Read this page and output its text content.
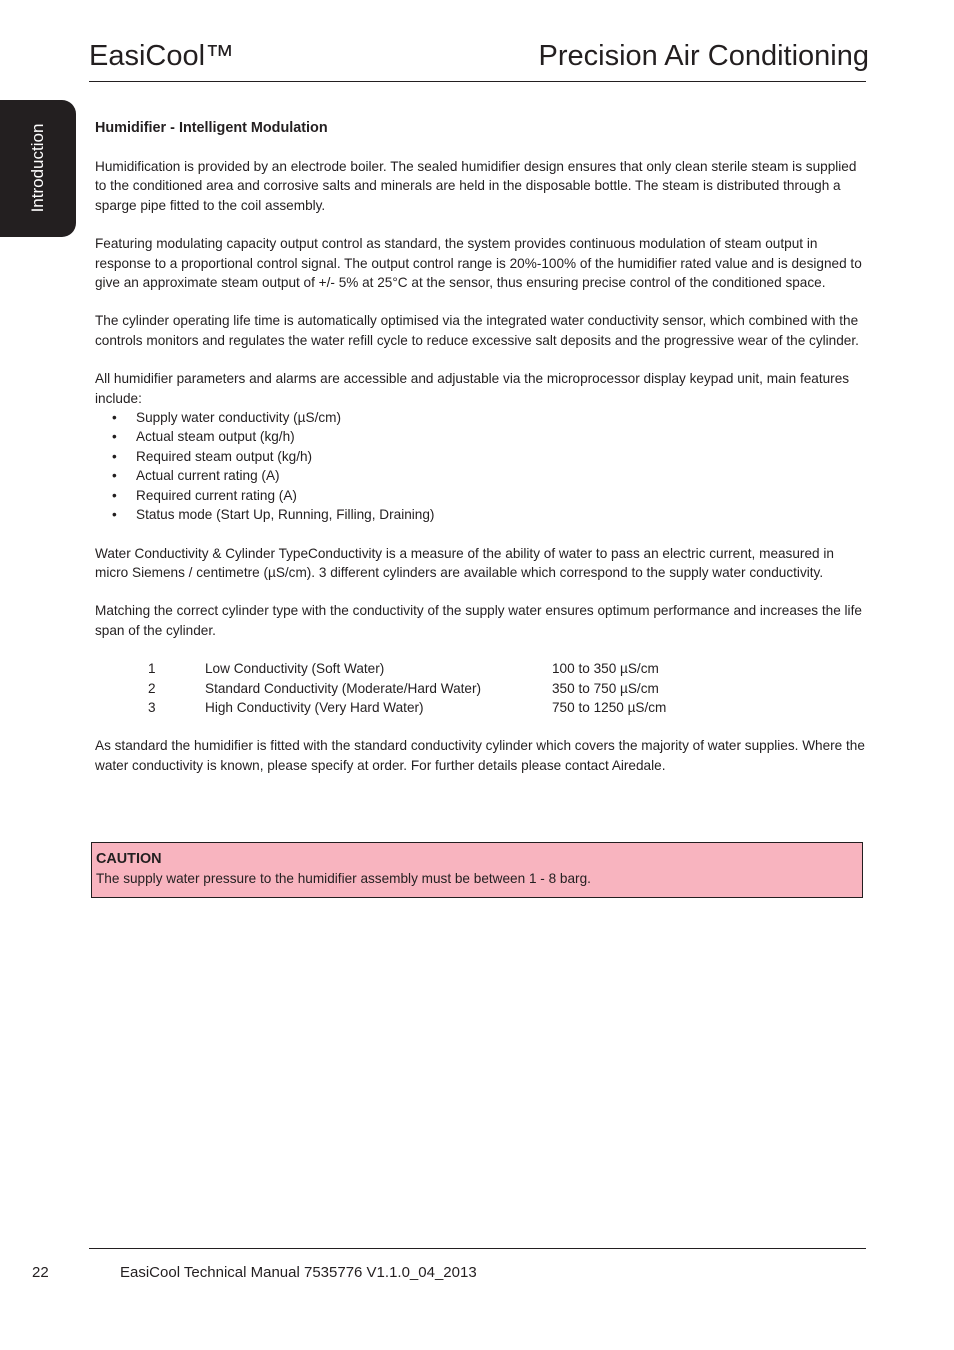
EasiCool™	Precision Air Conditioning
Introduction	Humidifier - Intelligent Modulation

Humidification is provided by an electrode boiler. The sealed humidifier design ensures that only clean sterile steam is supplied to the conditioned area and corrosive salts and minerals are held in the disposable bottle. The steam is distributed through a sparge pipe fitted to the coil assembly.

Featuring modulating capacity output control as standard, the system provides continuous modulation of steam output in response to a proportional control signal. The output control range is 20%-100% of the humidifier rated value and is designed to give an approximate steam output of +/- 5% at 25°C at the sensor, thus ensuring precise control of the conditioned space.

The cylinder operating life time is automatically optimised via the integrated water conductivity sensor, which combined with the controls monitors and regulates the water refill cycle to reduce excessive salt deposits and the progressive wear of the cylinder.

All humidifier parameters and alarms are accessible and adjustable via the microprocessor display keypad unit, main features include:

• Supply water conductivity (µS/cm)
• Actual steam output (kg/h)
• Required steam output (kg/h)
• Actual current rating (A)
• Required current rating (A)
• Status mode (Start Up, Running, Filling, Draining)

Water Conductivity & Cylinder TypeConductivity is a measure of the ability of water to pass an electric current, measured in micro Siemens / centimetre (µS/cm). 3 different cylinders are available which correspond to the supply water conductivity.

Matching the correct cylinder type with the conductivity of the supply water ensures optimum performance and increases the life span of the cylinder.

1	Low Conductivity (Soft Water)	100 to 350 µS/cm
2	Standard Conductivity (Moderate/Hard Water)	350 to 750 µS/cm
3	High Conductivity (Very Hard Water)	750 to 1250 µS/cm

As standard the humidifier is fitted with the standard conductivity cylinder which covers the majority of water supplies. Where the water conductivity is known, please specify at order. For further details please contact Airedale.

CAUTION
The supply water pressure to the humidifier assembly must be between 1 - 8 barg.
22	EasiCool Technical Manual 7535776 V1.1.0_04_2013
